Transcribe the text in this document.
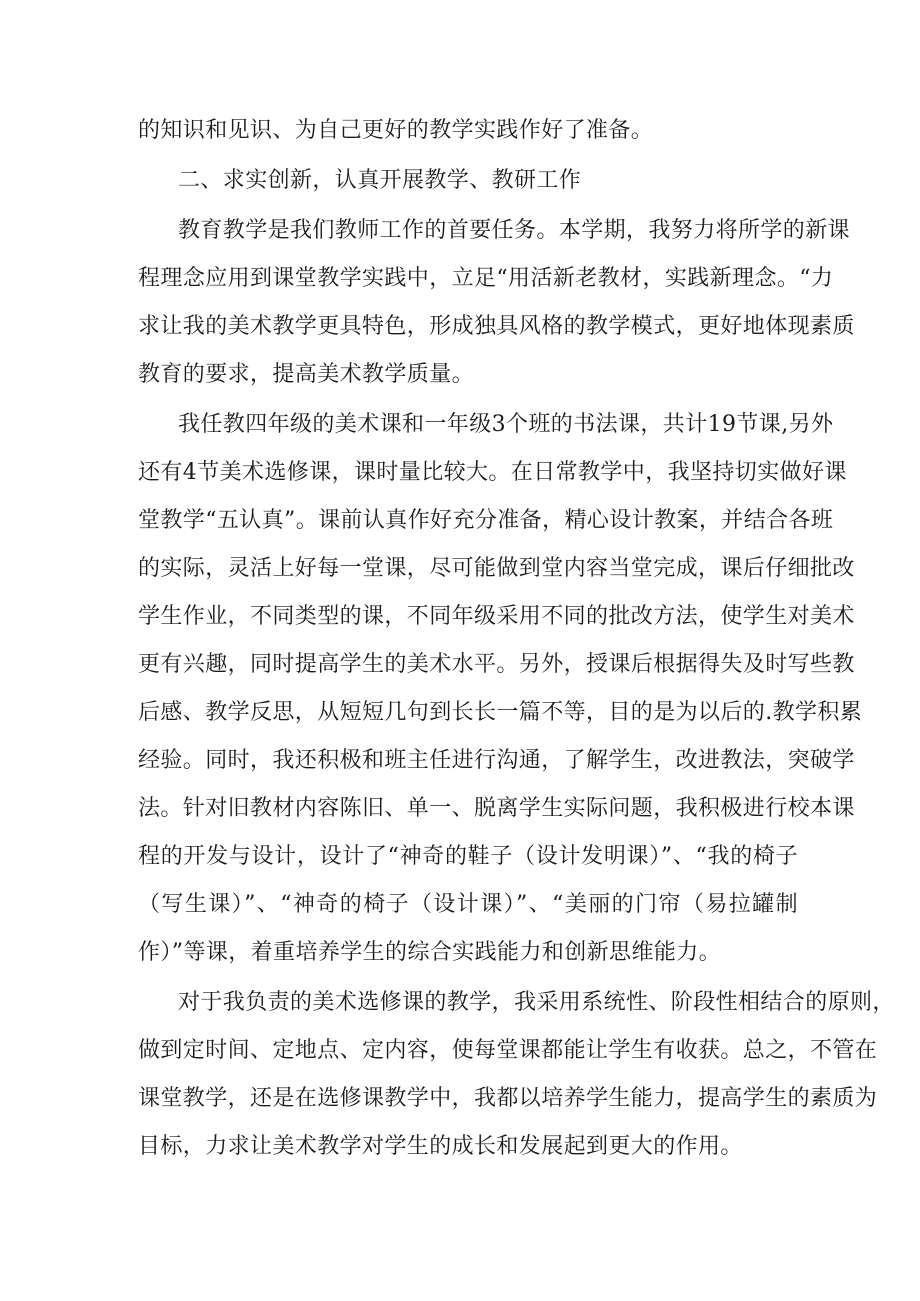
的知识和见识、为自己更好的教学实践作好了准备。
二、求实创新，认真开展教学、教研工作
教育教学是我们教师工作的首要任务。本学期，我努力将所学的新课
程理念应用到课堂教学实践中，立足“用活新老教材，实践新理念。“力
求让我的美术教学更具特色，形成独具风格的教学模式，更好地体现素质
教育的要求，提高美术教学质量。
我任教四年级的美术课和一年级3个班的书法课，共计19节课,另外
还有4节美术选修课，课时量比较大。在日常教学中，我坚持切实做好课
堂教学“五认真”。课前认真作好充分准备，精心设计教案，并结合各班
的实际，灵活上好每一堂课，尽可能做到堂内容当堂完成，课后仔细批改
学生作业，不同类型的课，不同年级采用不同的批改方法，使学生对美术
更有兴趣，同时提高学生的美术水平。另外，授课后根据得失及时写些教
后感、教学反思，从短短几句到长长一篇不等，目的是为以后的.教学积累
经验。同时，我还积极和班主任进行沟通，了解学生，改进教法，突破学
法。针对旧教材内容陈旧、单一、脱离学生实际问题，我积极进行校本课
程的开发与设计，设计了“神奇的鞋子（设计发明课）”、“我的椅子
（写生课）”、“神奇的椅子（设计课）”、“美丽的门帘（易拉罐制
作）”等课，着重培养学生的综合实践能力和创新思维能力。
对于我负责的美术选修课的教学，我采用系统性、阶段性相结合的原则，
做到定时间、定地点、定内容，使每堂课都能让学生有收获。总之，不管在
课堂教学，还是在选修课教学中，我都以培养学生能力，提高学生的素质为
目标，力求让美术教学对学生的成长和发展起到更大的作用。
